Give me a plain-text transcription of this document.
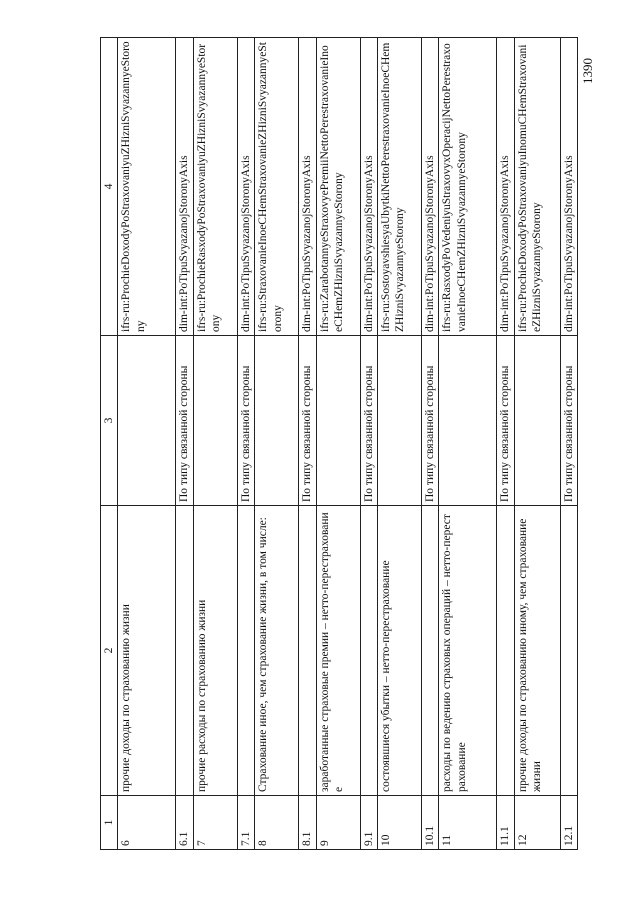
1390
1	2	3	4
6	прочие доходы по страхованию жизни		ifrs-ru:ProchieDoxodyPoStraxovaniyuZHizniSvyazannyeStorony
6.1		По типу связанной стороны	dim-int:PoTipuSvyazanojStoronyAxis
7	прочие расходы по страхованию жизни		ifrs-ru:ProchieRasxodyPoStraxovaniyuZHizniSvyazannyeStorony
7.1		По типу связанной стороны	dim-int:PoTipuSvyazanojStoronyAxis
8	Страхование иное, чем страхование жизни, в том числе:		ifrs-ru:StraxovanieInoeCHemStraxovanieZHizniSvyazannyeStorony
8.1		По типу связанной стороны	dim-int:PoTipuSvyazanojStoronyAxis
9	заработанные страховые премии – нетто-перестрахование		ifrs-ru:ZarabotannyeStraxovyePremiiNettoPerestraxovanieInoeCHemZHizniSvyazannyeStorony
9.1		По типу связанной стороны	dim-int:PoTipuSvyazanojStoronyAxis
10	состоявшиеся убытки – нетто-перестрахование		ifrs-ru:SostoyavshiesyaUbytkiNettoPerestraxovanieInoeCHemZHizniSvyazannyeStorony
10.1		По типу связанной стороны	dim-int:PoTipuSvyazanojStoronyAxis
11	расходы по ведению страховых операций – нетто-перестрахование		ifrs-ru:RasxodyPoVedeniyuStraxovyxOperacijNettoPerestraxovanieInoeCHemZHizniSvyazannyeStorony
11.1		По типу связанной стороны	dim-int:PoTipuSvyazanojStoronyAxis
12	прочие доходы по страхованию иному, чем страхование жизни		ifrs-ru:ProchieDoxodyPoStraxovaniyuInomuCHemStraxovanieZHizniSvyazannyeStorony
12.1		По типу связанной стороны	dim-int:PoTipuSvyazanojStoronyAxis
